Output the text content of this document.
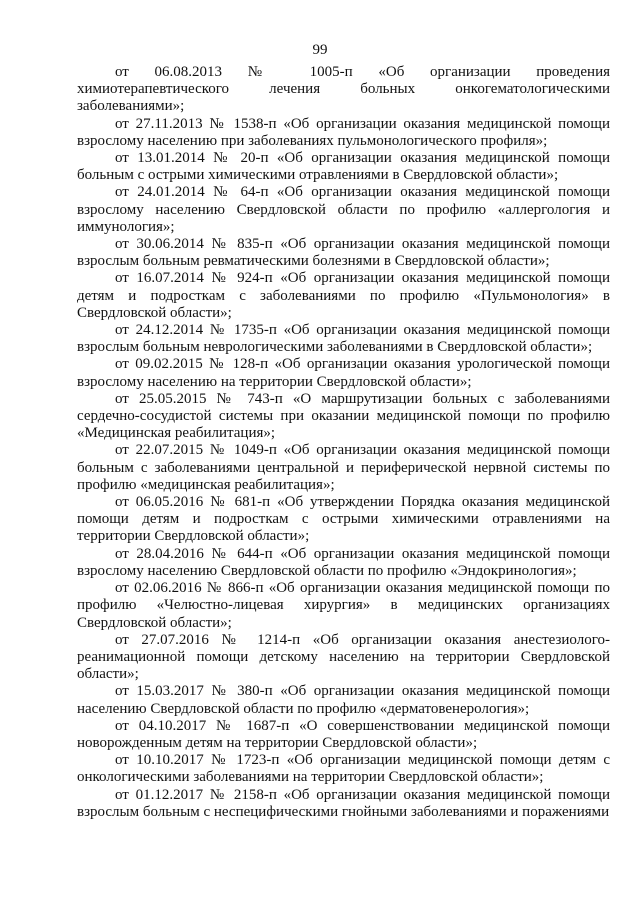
99

от 06.08.2013 № 1005-п «Об организации проведения химиотерапевтического лечения больных онкогематологическими заболеваниями»;

от 27.11.2013 № 1538-п «Об организации оказания медицинской помощи взрослому населению при заболеваниях пульмонологического профиля»;

от 13.01.2014 № 20-п «Об организации оказания медицинской помощи больным с острыми химическими отравлениями в Свердловской области»;

от 24.01.2014 № 64-п «Об организации оказания медицинской помощи взрослому населению Свердловской области по профилю «аллергология и иммунология»;

от 30.06.2014 № 835-п «Об организации оказания медицинской помощи взрослым больным ревматическими болезнями в Свердловской области»;

от 16.07.2014 № 924-п «Об организации оказания медицинской помощи детям и подросткам с заболеваниями по профилю «Пульмонология» в Свердловской области»;

от 24.12.2014 № 1735-п «Об организации оказания медицинской помощи взрослым больным неврологическими заболеваниями в Свердловской области»;

от 09.02.2015 № 128-п «Об организации оказания урологической помощи взрослому населению на территории Свердловской области»;

от 25.05.2015 № 743-п «О маршрутизации больных с заболеваниями сердечно-сосудистой системы при оказании медицинской помощи по профилю «Медицинская реабилитация»;

от 22.07.2015 № 1049-п «Об организации оказания медицинской помощи больным с заболеваниями центральной и периферической нервной системы по профилю «медицинская реабилитация»;

от 06.05.2016 № 681-п «Об утверждении Порядка оказания медицинской помощи детям и подросткам с острыми химическими отравлениями на территории Свердловской области»;

от 28.04.2016 № 644-п «Об организации оказания медицинской помощи взрослому населению Свердловской области по профилю «Эндокринология»;

от 02.06.2016 № 866-п «Об организации оказания медицинской помощи по профилю «Челюстно-лицевая хирургия» в медицинских организациях Свердловской области»;

от 27.07.2016 № 1214-п «Об организации оказания анестезиолого-реанимационной помощи детскому населению на территории Свердловской области»;

от 15.03.2017 № 380-п «Об организации оказания медицинской помощи населению Свердловской области по профилю «дерматовенерология»;

от 04.10.2017 № 1687-п «О совершенствовании медицинской помощи новорожденным детям на территории Свердловской области»;

от 10.10.2017 № 1723-п «Об организации медицинской помощи детям с онкологическими заболеваниями на территории Свердловской области»;

от 01.12.2017 № 2158-п «Об организации оказания медицинской помощи взрослым больным с неспецифическими гнойными заболеваниями и поражениями
